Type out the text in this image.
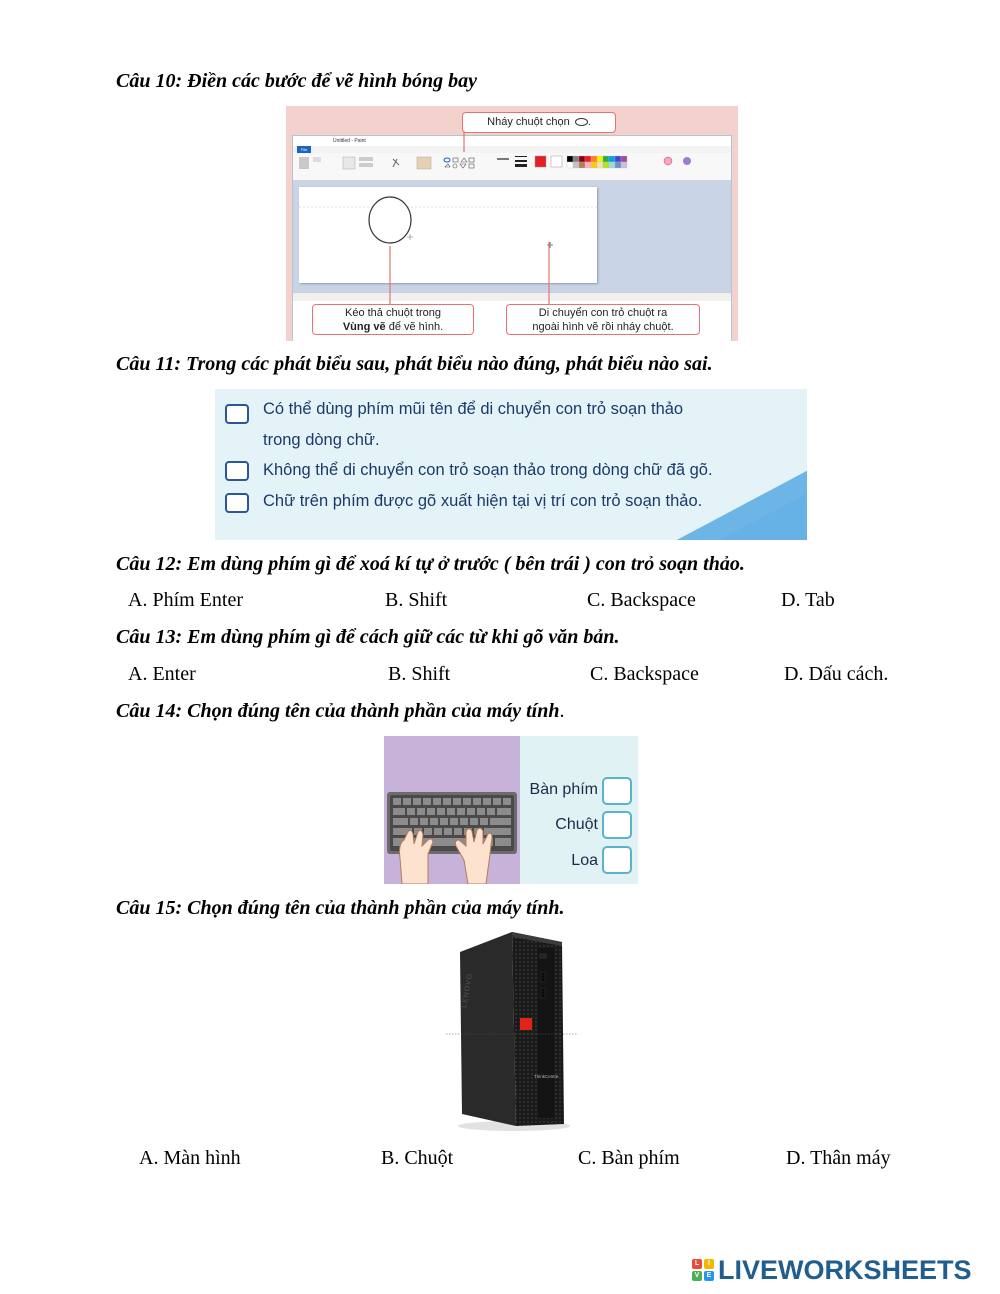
Câu 10: Điền các bước để vẽ hình bóng bay
Untitled - Paint
File
Nháy chuột chọn .
Kéo thả chuột trong
Vùng vẽ để vẽ hình.
Di chuyển con trỏ chuột ra
ngoài hình vẽ rồi nháy chuột.
Câu 11: Trong các phát biểu sau, phát biểu nào đúng, phát biểu nào sai.
Có thể dùng phím mũi tên để di chuyển con trỏ soạn thảo
trong dòng chữ.
Không thể di chuyển con trỏ soạn thảo trong dòng chữ đã gõ.
Chữ trên phím được gõ xuất hiện tại vị trí con trỏ soạn thảo.
Câu 12: Em dùng phím gì để xoá kí tự ở trước ( bên trái ) con trỏ soạn thảo.
A. Phím Enter	B. Shift	C. Backspace	D. Tab
Câu 13: Em dùng phím gì để cách giữ các từ khi gõ văn bản.
A. Enter	B. Shift	C. Backspace	D. Dấu cách.
Câu 14: Chọn đúng tên của thành phần của máy tính.
Bàn phím
Chuột
Loa
Câu 15: Chọn đúng tên của thành phần của máy tính.
LENOVO
ThinkCentre
A. Màn hình	B. Chuột	C. Bàn phím	D. Thân máy
L	I
V	E LIVEWORKSHEETS
